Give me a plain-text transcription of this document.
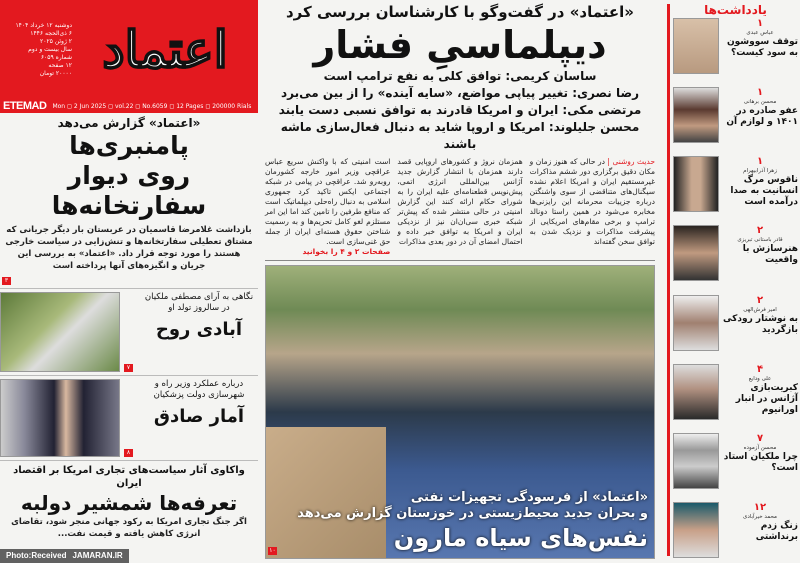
دوشنبه ۱۲ خرداد ۱۴۰۴
۶ ذی‌الحجه ۱۴۴۶
۲ ژوئن ۲۰۲۵
سال بیست و دوم
شماره ۶۰۵۹
۱۲ صفحه
۲۰۰۰۰ تومان اعتماد
ETEMAD Mon ◻ 2 Jun 2025 ◻ vol.22 ◻ No.6059 ◻ 12 Pages ◻ 200000 Rials
«اعتماد» گزارش می‌دهد
پامنبری‌ها
روی دیوار سفارتخانه‌ها
بازداشت غلامرضا قاسمیان در عربستان بار دیگر جریانی که مشتاق تعطیلی سفارتخانه‌ها و تنش‌زایی در سیاست خارجی هستند را مورد توجه قرار داد. «اعتماد» به بررسی این جریان و انگیزه‌های آنها پرداخته است
۳
۷
نگاهی به آرای مصطفی ملکیان در سالروز تولد او
آبادی روح
۸
درباره عملکرد وزیر راه و شهرسازی دولت پزشکیان
آمار صادق
واکاوی آثار سیاست‌های تجاری امریکا بر اقتصاد ایران
تعرفه‌ها شمشیر دولبه
اگر جنگ تجاری امریکا به رکود جهانی منجر شود، تقاضای انرژی کاهش یافته و قیمت نفت...
Photo:Received JAMARAN.IR
«اعتماد» در گفت‌وگو با کارشناسان بررسی کرد
دیپلماسیِ فشار
ساسان کریمی: توافق کلی به نفع ترامپ است
رضا نصری: تغییر پیاپی مواضع، «سایه آینده» را از بین می‌برد
مرتضی مکی: ایران و امریکا قادرند به توافق نسبی دست یابند
محسن جلیلوند: امریکا و اروپا شاید به دنبال فعال‌سازی ماشه باشند
حدیث روشنی | در حالی که هنوز زمان و مکان دقیق برگزاری دور ششم مذاکرات غیرمستقیم ایران و امریکا اعلام نشده سیگنال‌های متناقضی از سوی واشنگتن درباره جزییات محرمانه این رایزنی‌ها مخابره می‌شود در همین راستا دونالد ترامپ و برخی مقام‌های امریکایی از پیشرفت مذاکرات و نزدیک شدن به توافق سخن گفته‌اند
همزمان نروژ و کشورهای اروپایی قصد دارند همزمان با انتشار گزارش جدید آژانس بین‌المللی انرژی اتمی، پیش‌نویس قطعنامه‌ای علیه ایران را به شورای حکام ارائه کنند این گزارش امنیتی در حالی منتشر شده که پیش‌تر شبکه خبری سی‌ان‌ان نیز از نزدیکی ایران و امریکا به توافق خبر داده و احتمال امضای آن در دور بعدی مذاکرات
است امنیتی که با واکنش سریع عباس عراقچی وزیر امور خارجه کشورمان روبه‌رو شد. عراقچی در پیامی در شبکه اجتماعی ایکس تاکید کرد جمهوری اسلامی به دنبال راه‌حلی دیپلماتیک است که منافع طرفین را تامین کند اما این امر مستلزم لغو کامل تحریم‌ها و به رسمیت شناختن حقوق هسته‌ای ایران از جمله حق غنی‌سازی است.
صفحات ۲ و ۴ را بخوانید
۱۰
«اعتماد» از فرسودگی تجهیزات نفتی
و بحران جدید محیط‌زیستی در خوزستان گزارش می‌دهد
نفس‌های سیاه مارون
یادداشت‌ها
۱
عباس عبدی
توقف سووشون به سود کیست؟
۱
محسن برهانی
عفو صادره در ۱۴۰۱ و لوازم آن
۱
زهرا آذرابیهرام
ناقوس مرگ انسانیت به صدا درآمده است
۲
قادر باستانی تبریزی
هنرسازش با واقعیت
۲
امیر فرش‌الهی
به نوشتار رودکی بازگردید
۴
علی ودایع
کبریت‌بازی آژانس در انبار اورانیوم
۷
محسن آزموده
چرا ملکیان استاد است؟
۱۲
محمد خیرآبادی
زنگ زدم برنداشتی
